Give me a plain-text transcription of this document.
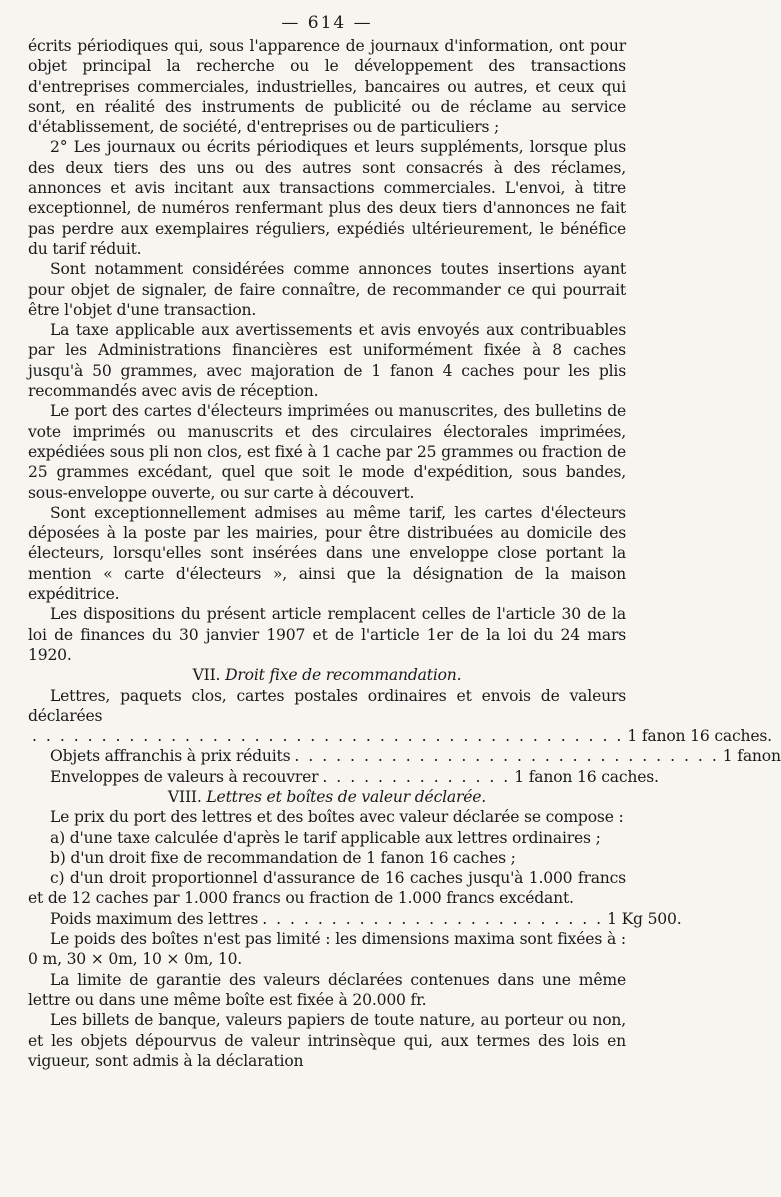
— 614 —

écrits périodiques qui, sous l'apparence de journaux d'information, ont pour objet principal la recherche ou le développement des transactions d'entreprises commerciales, industrielles, bancaires ou autres, et ceux qui sont, en réalité des instruments de publicité ou de réclame au service d'établissement, de société, d'entreprises ou de particuliers ;

2° Les journaux ou écrits périodiques et leurs suppléments, lorsque plus des deux tiers des uns ou des autres sont consacrés à des réclames, annonces et avis incitant aux transactions commerciales. L'envoi, à titre exceptionnel, de numéros renfermant plus des deux tiers d'annonces ne fait pas perdre aux exemplaires réguliers, expédiés ultérieurement, le bénéfice du tarif réduit.

Sont notamment considérées comme annonces toutes insertions ayant pour objet de signaler, de faire connaître, de recommander ce qui pourrait être l'objet d'une transaction.

La taxe applicable aux avertissements et avis envoyés aux contribuables par les Administrations financières est uniformément fixée à 8 caches jusqu'à 50 grammes, avec majoration de 1 fanon 4 caches pour les plis recommandés avec avis de réception.

Le port des cartes d'électeurs imprimées ou manuscrites, des bulletins de vote imprimés ou manuscrits et des circulaires électorales imprimées, expédiées sous pli non clos, est fixé à 1 cache par 25 grammes ou fraction de 25 grammes excédant, quel que soit le mode d'expédition, sous bandes, sous-enveloppe ouverte, ou sur carte à découvert.

Sont exceptionnellement admises au même tarif, les cartes d'électeurs déposées à la poste par les mairies, pour être distribuées au domicile des électeurs, lorsqu'elles sont insérées dans une enveloppe close portant la mention « carte d'électeurs », ainsi que la désignation de la maison expéditrice.

Les dispositions du présent article remplacent celles de l'article 30 de la loi de finances du 30 janvier 1907 et de l'article 1er de la loi du 24 mars 1920.

VII. Droit fixe de recommandation.

Lettres, paquets clos, cartes postales ordinaires et envois de valeurs déclarées

. . . . . . . . . . . . . . . . . . . . . . . . . . . . . . . . . . . . . . . . . . . 1 fanon 16 caches.
Objets affranchis à prix réduits . . . . . . . . . . . . . . . . . . . . . . . . . . . . . . . 1 fanon
Enveloppes de valeurs à recouvrer . . . . . . . . . . . . . . 1 fanon 16 caches.

VIII. Lettres et boîtes de valeur déclarée.

Le prix du port des lettres et des boîtes avec valeur déclarée se compose :

a) d'une taxe calculée d'après le tarif applicable aux lettres ordinaires ;

b) d'un droit fixe de recommandation de 1 fanon 16 caches ;

c) d'un droit proportionnel d'assurance de 16 caches jusqu'à 1.000 francs et de 12 caches par 1.000 francs ou fraction de 1.000 francs excédant.

Poids maximum des lettres . . . . . . . . . . . . . . . . . . . . . . . . . 1 Kg 500.

Le poids des boîtes n'est pas limité : les dimensions maxima sont fixées à : 0 m, 30 × 0m, 10 × 0m, 10.

La limite de garantie des valeurs déclarées contenues dans une même lettre ou dans une même boîte est fixée à 20.000 fr.

Les billets de banque, valeurs papiers de toute nature, au porteur ou non, et les objets dépourvus de valeur intrinsèque qui, aux termes des lois en vigueur, sont admis à la déclaration
